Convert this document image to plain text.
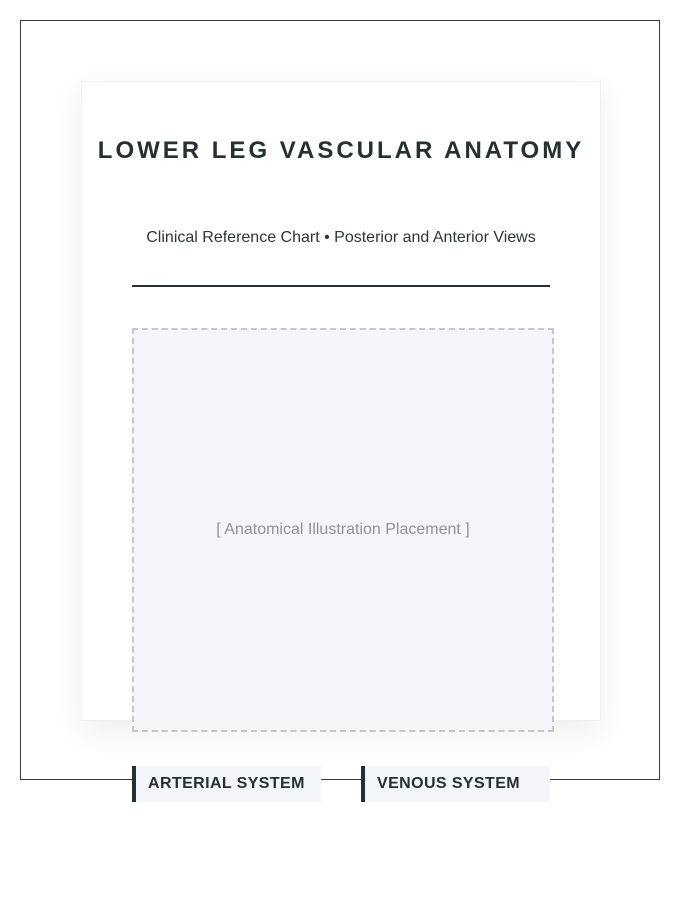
LOWER LEG VASCULAR ANATOMY
Clinical Reference Chart • Posterior and Anterior Views
[ Anatomical Illustration Placement ]
ARTERIAL SYSTEM	VENOUS SYSTEM
